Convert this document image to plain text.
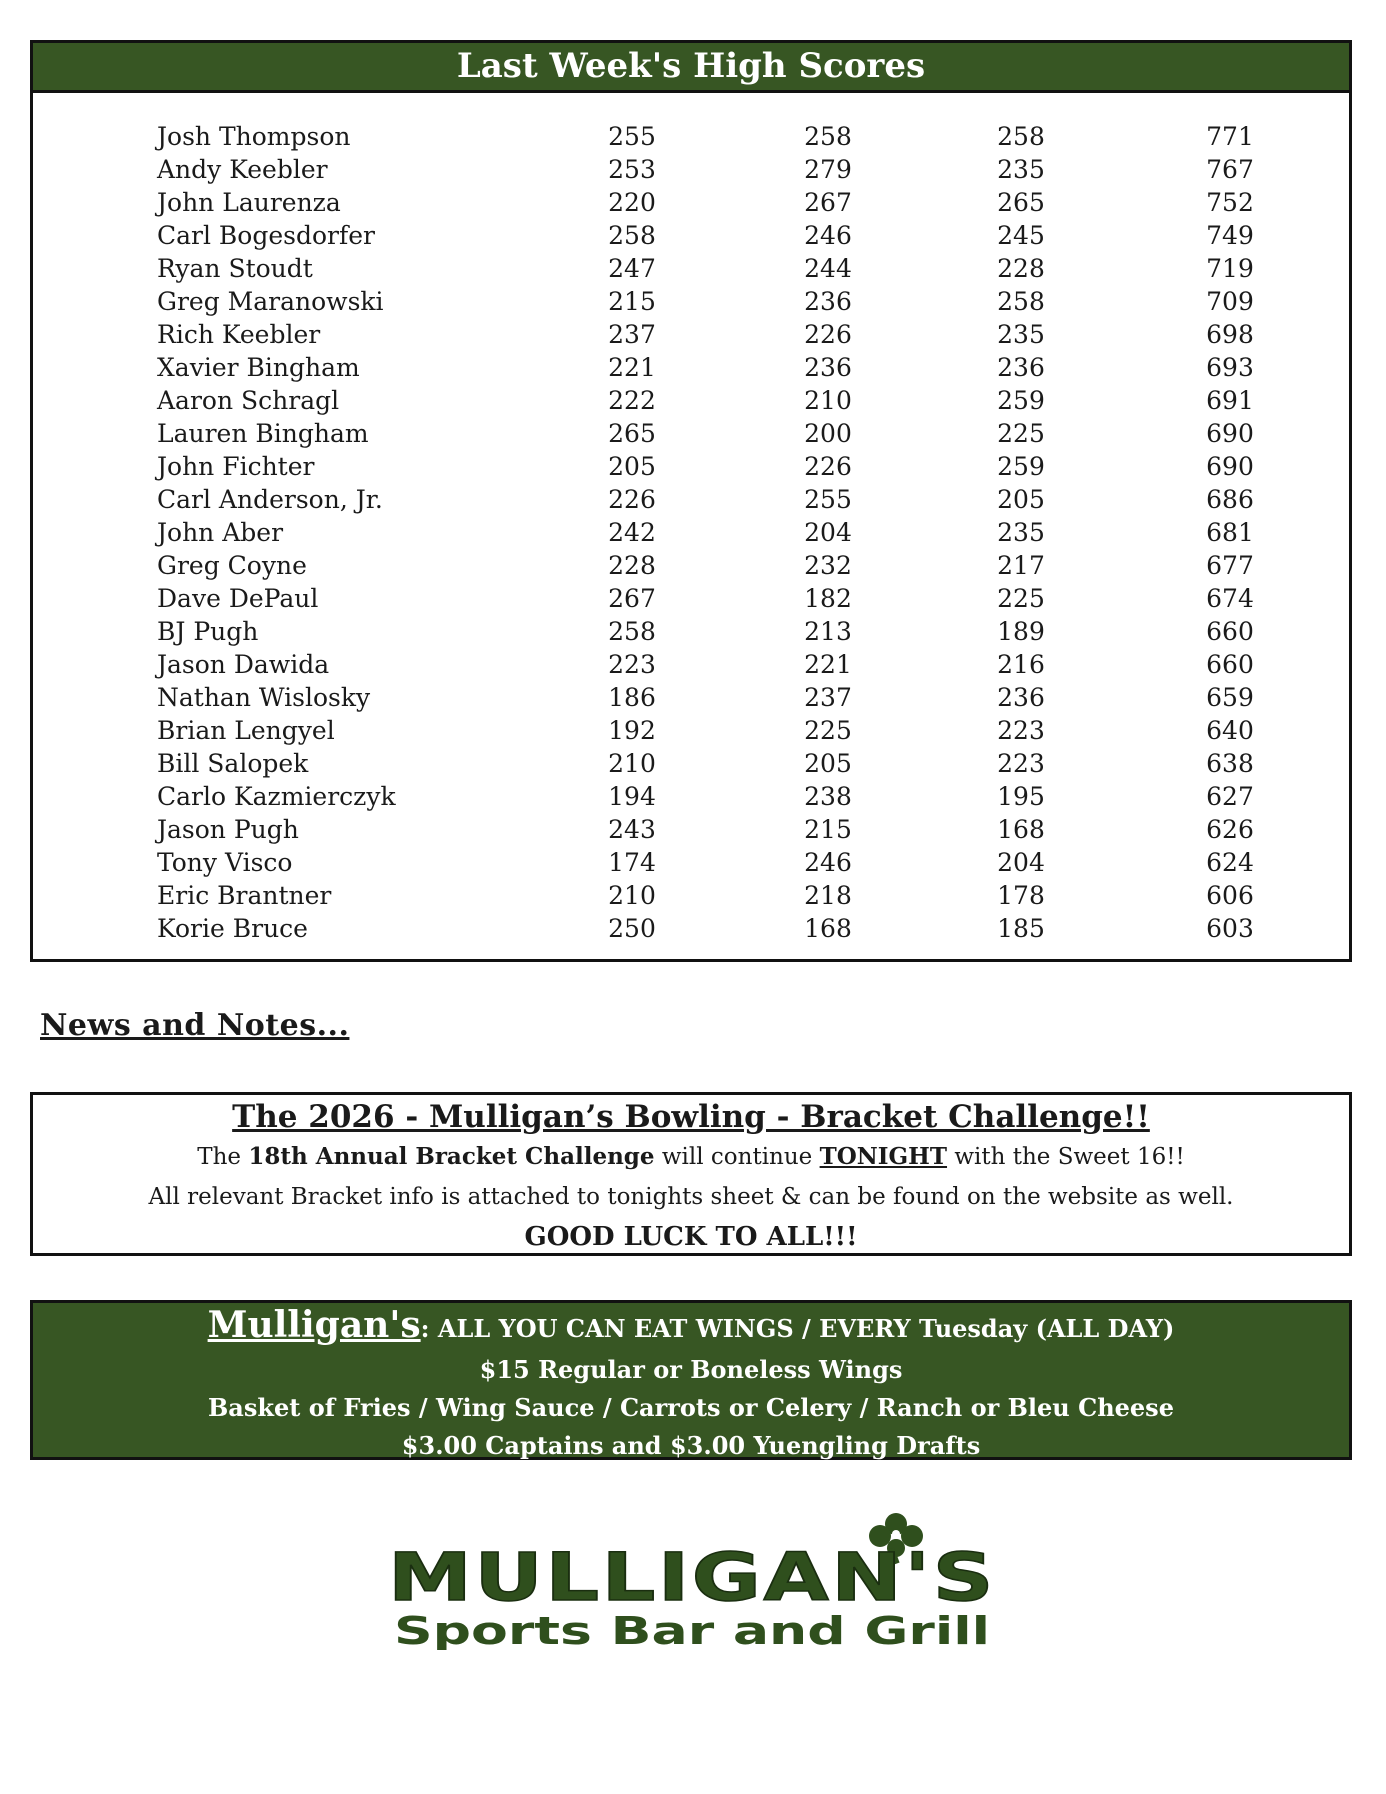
Last Week's High Scores
Josh Thompson	255	258	258	771
Andy Keebler	253	279	235	767
John Laurenza	220	267	265	752
Carl Bogesdorfer	258	246	245	749
Ryan Stoudt	247	244	228	719
Greg Maranowski	215	236	258	709
Rich Keebler	237	226	235	698
Xavier Bingham	221	236	236	693
Aaron Schragl	222	210	259	691
Lauren Bingham	265	200	225	690
John Fichter	205	226	259	690
Carl Anderson, Jr.	226	255	205	686
John Aber	242	204	235	681
Greg Coyne	228	232	217	677
Dave DePaul	267	182	225	674
BJ Pugh	258	213	189	660
Jason Dawida	223	221	216	660
Nathan Wislosky	186	237	236	659
Brian Lengyel	192	225	223	640
Bill Salopek	210	205	223	638
Carlo Kazmierczyk	194	238	195	627
Jason Pugh	243	215	168	626
Tony Visco	174	246	204	624
Eric Brantner	210	218	178	606
Korie Bruce	250	168	185	603
News and Notes...
The 2026 - Mulligan’s Bowling - Bracket Challenge!!
The 18th Annual Bracket Challenge will continue TONIGHT with the Sweet 16!!
All relevant Bracket info is attached to tonights sheet & can be found on the website as well.
GOOD LUCK TO ALL!!!
Mulligan's: ALL YOU CAN EAT WINGS / EVERY Tuesday (ALL DAY)
$15 Regular or Boneless Wings
Basket of Fries / Wing Sauce / Carrots or Celery / Ranch or Bleu Cheese
$3.00 Captains and $3.00 Yuengling Drafts
MULLIGAN'S
Sports Bar and Grill
